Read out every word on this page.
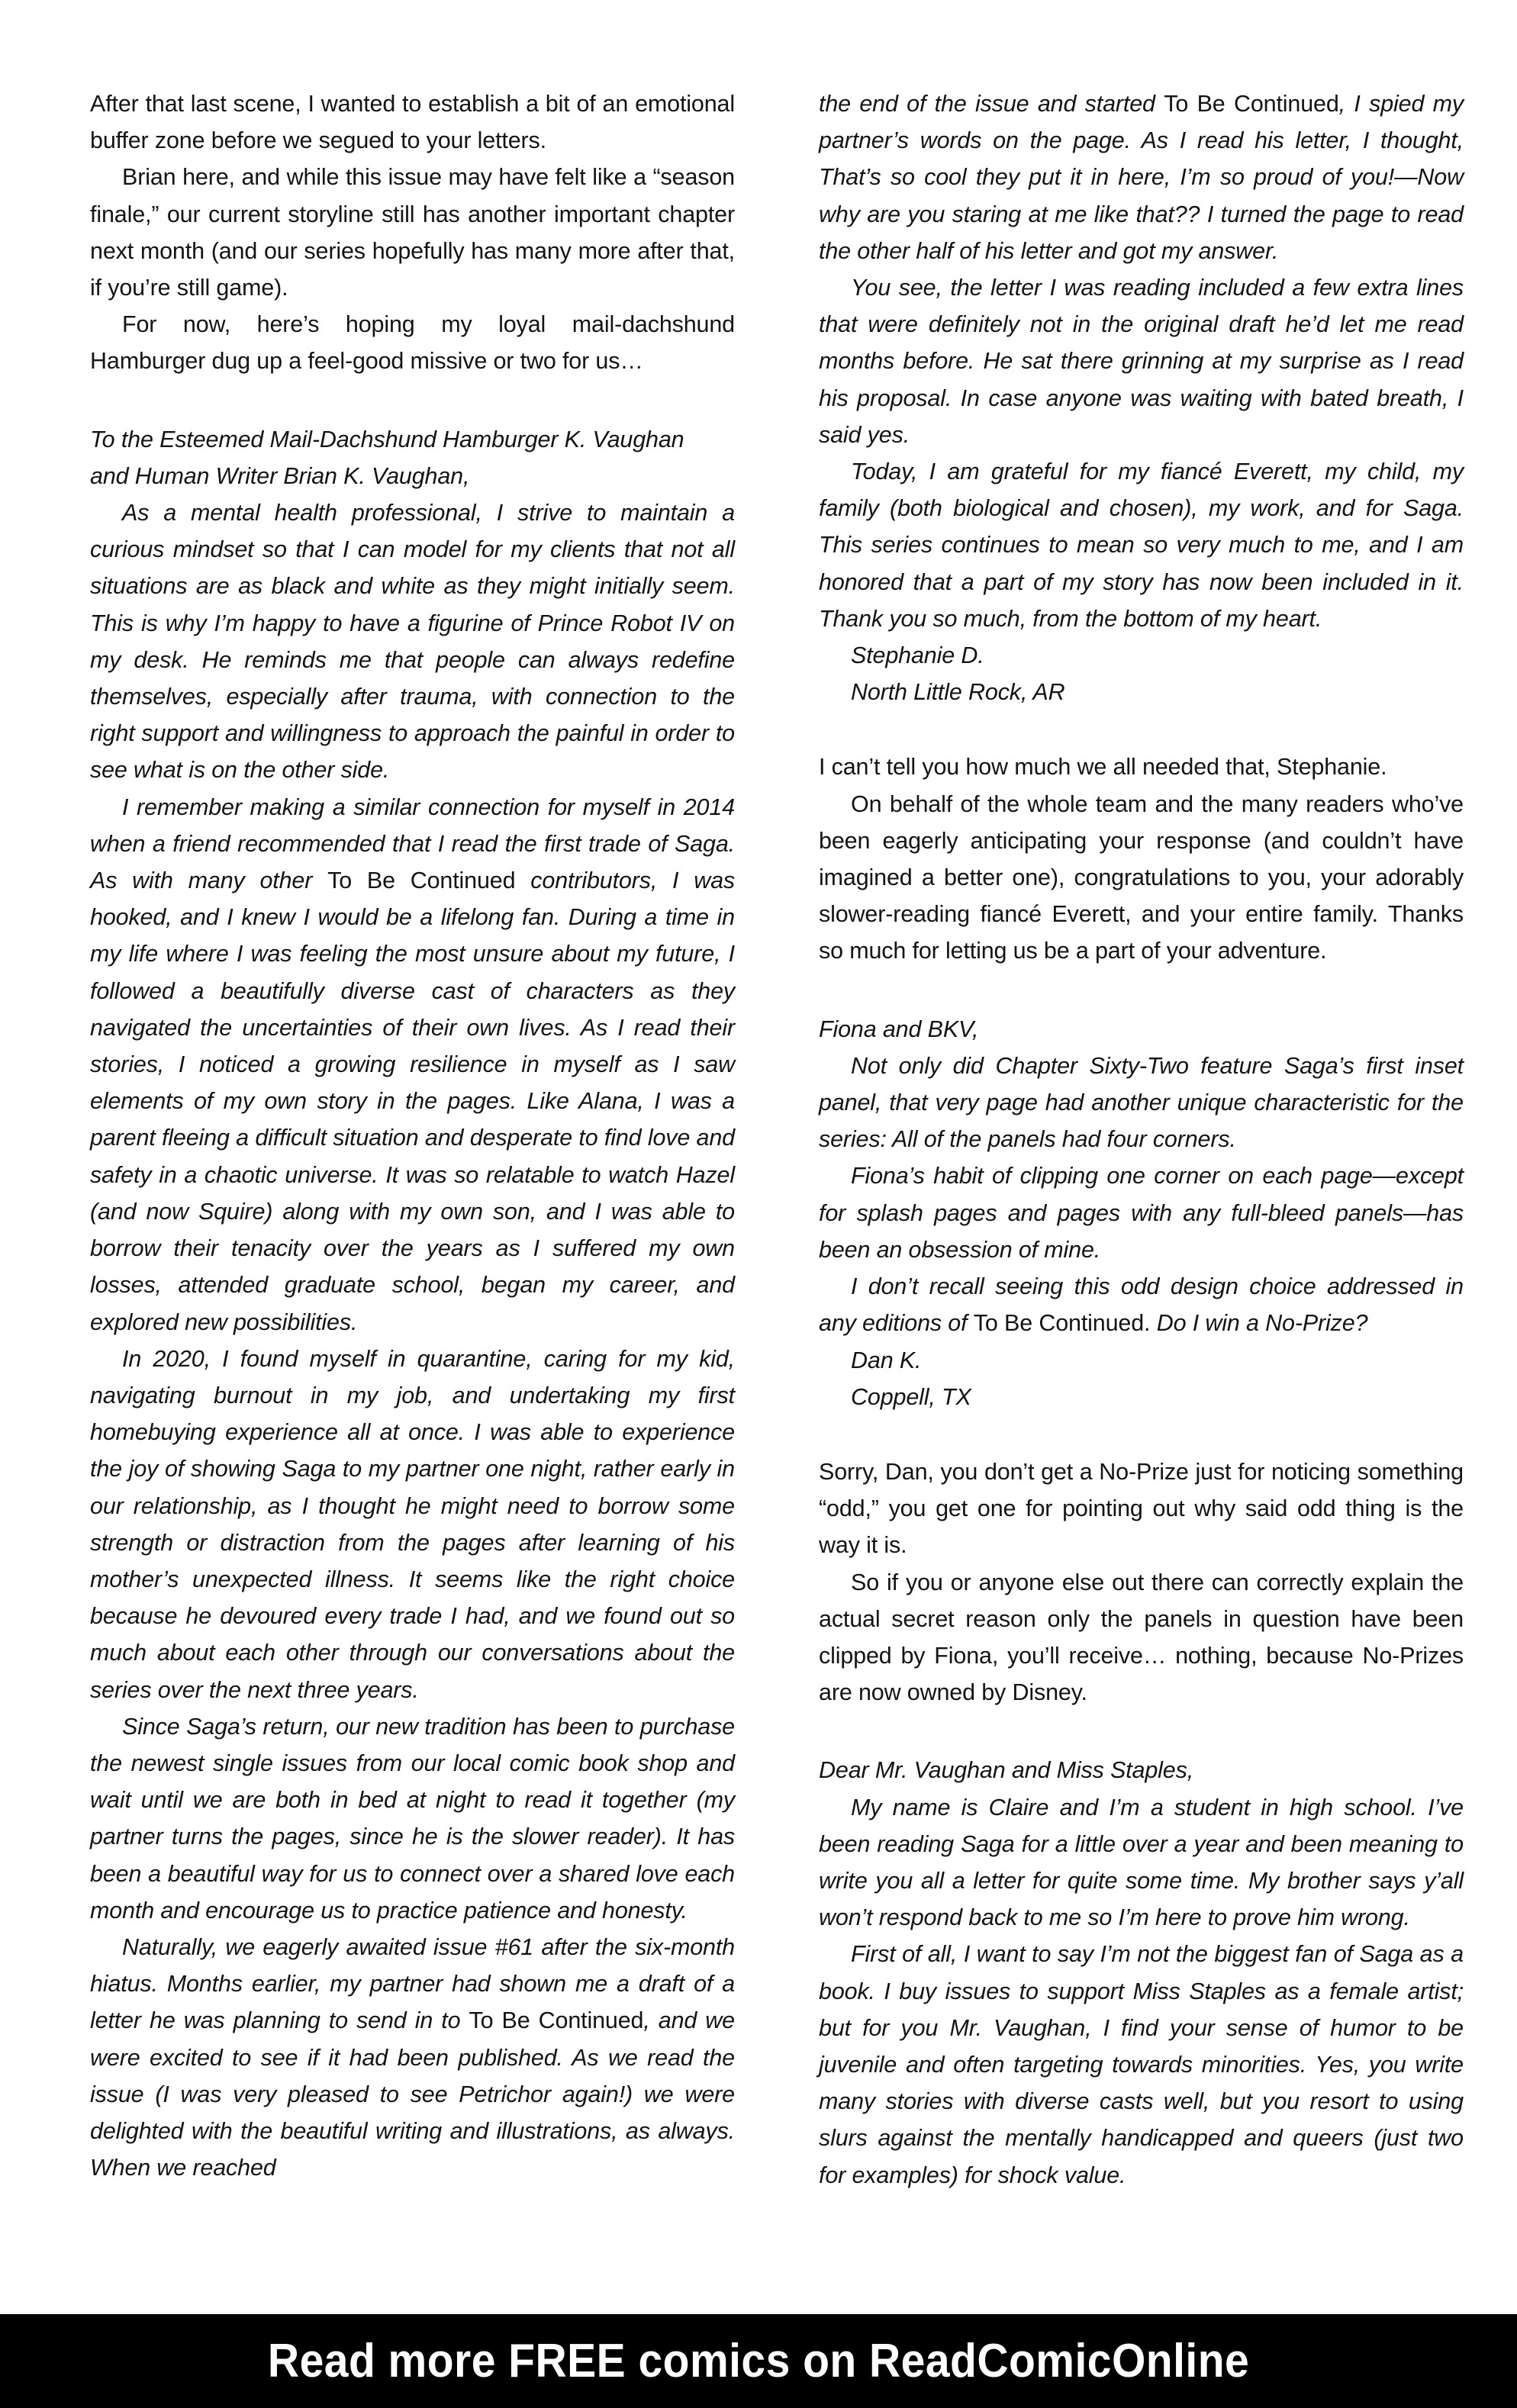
After that last scene, I wanted to establish a bit of an emotional buffer zone before we segued to your letters.

Brian here, and while this issue may have felt like a “season finale,” our current storyline still has another important chapter next month (and our series hopefully has many more after that, if you’re still game).

For now, here’s hoping my loyal mail-dachshund Hamburger dug up a feel-good missive or two for us…

To the Esteemed Mail-Dachshund Hamburger K. Vaughan

and Human Writer Brian K. Vaughan,

As a mental health professional, I strive to maintain a curious mindset so that I can model for my clients that not all situations are as black and white as they might initially seem. This is why I’m happy to have a figurine of Prince Robot IV on my desk. He reminds me that people can always redefine themselves, especially after trauma, with connection to the right support and willingness to approach the painful in order to see what is on the other side.

I remember making a similar connection for myself in 2014 when a friend recommended that I read the first trade of Saga. As with many other To Be Continued contributors, I was hooked, and I knew I would be a lifelong fan. During a time in my life where I was feeling the most unsure about my future, I followed a beautifully diverse cast of characters as they navigated the uncertainties of their own lives. As I read their stories, I noticed a growing resilience in myself as I saw elements of my own story in the pages. Like Alana, I was a parent fleeing a difficult situation and desperate to find love and safety in a chaotic universe. It was so relatable to watch Hazel (and now Squire) along with my own son, and I was able to borrow their tenacity over the years as I suffered my own losses, attended graduate school, began my career, and explored new possibilities.

In 2020, I found myself in quarantine, caring for my kid, navigating burnout in my job, and undertaking my first homebuying experience all at once. I was able to experience the joy of showing Saga to my partner one night, rather early in our relationship, as I thought he might need to borrow some strength or distraction from the pages after learning of his mother’s unexpected illness. It seems like the right choice because he devoured every trade I had, and we found out so much about each other through our conversations about the series over the next three years.

Since Saga’s return, our new tradition has been to purchase the newest single issues from our local comic book shop and wait until we are both in bed at night to read it together (my partner turns the pages, since he is the slower reader). It has been a beautiful way for us to connect over a shared love each month and encourage us to practice patience and honesty.

Naturally, we eagerly awaited issue #61 after the six-month hiatus. Months earlier, my partner had shown me a draft of a letter he was planning to send in to To Be Continued, and we were excited to see if it had been published. As we read the issue (I was very pleased to see Petrichor again!) we were delighted with the beautiful writing and illustrations, as always. When we reached

the end of the issue and started To Be Continued, I spied my partner’s words on the page. As I read his letter, I thought, That’s so cool they put it in here, I’m so proud of you!—Now why are you staring at me like that?? I turned the page to read the other half of his letter and got my answer.

You see, the letter I was reading included a few extra lines that were definitely not in the original draft he’d let me read months before. He sat there grinning at my surprise as I read his proposal. In case anyone was waiting with bated breath, I said yes.

Today, I am grateful for my fiancé Everett, my child, my family (both biological and chosen), my work, and for Saga. This series continues to mean so very much to me, and I am honored that a part of my story has now been included in it. Thank you so much, from the bottom of my heart.

Stephanie D.

North Little Rock, AR

I can’t tell you how much we all needed that, Stephanie.

On behalf of the whole team and the many readers who’ve been eagerly anticipating your response (and couldn’t have imagined a better one), congratulations to you, your adorably slower-reading fiancé Everett, and your entire family. Thanks so much for letting us be a part of your adventure.

Fiona and BKV,

Not only did Chapter Sixty-Two feature Saga’s first inset panel, that very page had another unique characteristic for the series: All of the panels had four corners.

Fiona’s habit of clipping one corner on each page—except for splash pages and pages with any full-bleed panels—has been an obsession of mine.

I don’t recall seeing this odd design choice addressed in any editions of To Be Continued. Do I win a No-Prize?

Dan K.

Coppell, TX

Sorry, Dan, you don’t get a No-Prize just for noticing something “odd,” you get one for pointing out why said odd thing is the way it is.

So if you or anyone else out there can correctly explain the actual secret reason only the panels in question have been clipped by Fiona, you’ll receive… nothing, because No-Prizes are now owned by Disney.

Dear Mr. Vaughan and Miss Staples,

My name is Claire and I’m a student in high school. I’ve been reading Saga for a little over a year and been meaning to write you all a letter for quite some time. My brother says y’all won’t respond back to me so I’m here to prove him wrong.

First of all, I want to say I’m not the biggest fan of Saga as a book. I buy issues to support Miss Staples as a female artist; but for you Mr. Vaughan, I find your sense of humor to be juvenile and often targeting towards minorities. Yes, you write many stories with diverse casts well, but you resort to using slurs against the mentally handicapped and queers (just two for examples) for shock value.

Read more FREE comics on ReadComicOnline
